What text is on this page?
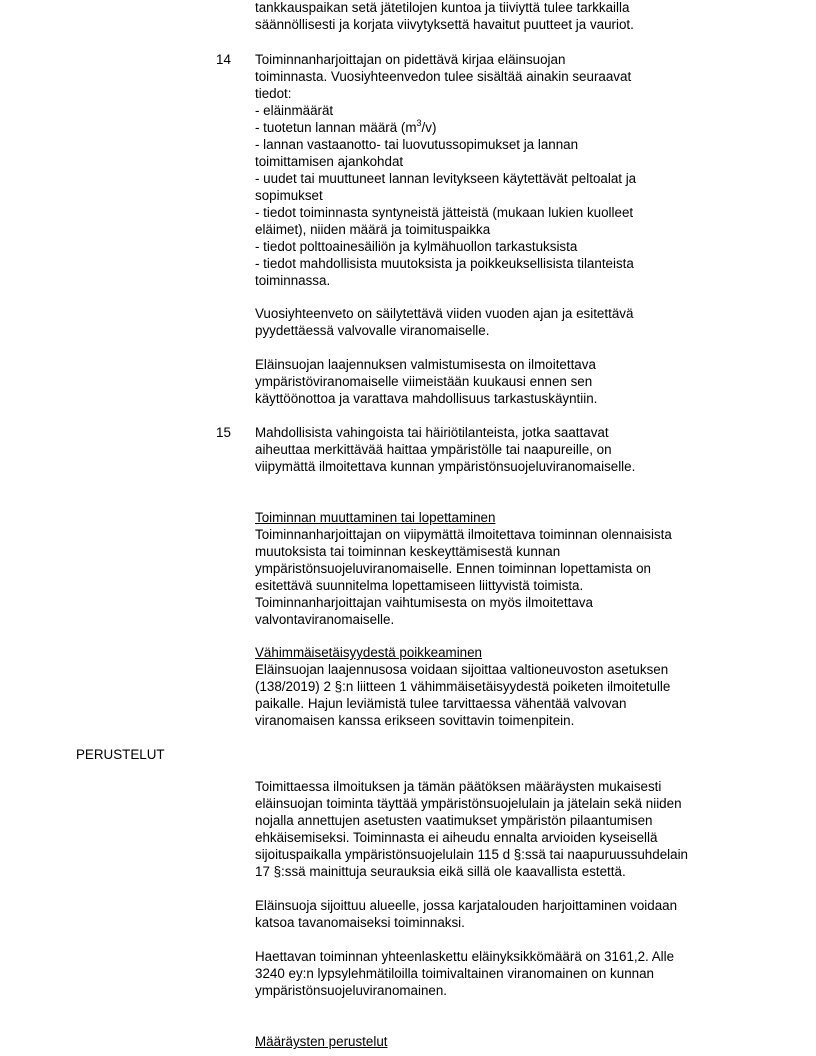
tankkauspaikan setä jätetilojen kuntoa ja tiiviyttä tulee tarkkailla
säännöllisesti ja korjata viivytyksettä havaitut puutteet ja vauriot.
14 Toiminnanharjoittajan on pidettävä kirjaa eläinsuojan
toiminnasta. Vuosiyhteenvedon tulee sisältää ainakin seuraavat
tiedot:
- eläinmäärät
- tuotetun lannan määrä $(m^3/v)$
- lannan vastaanotto- tai luovutussopimukset ja lannan
toimittamisen ajankohdat
- uudet tai muuttuneet lannan levitykseen käytettävät peltoalat ja
sopimukset
- tiedot toiminnasta syntyneistä jätteistä (mukaan lukien kuolleet
eläimet), niiden määrä ja toimituspaikka
- tiedot polttoainesäiliön ja kylmähuollon tarkastuksista
- tiedot mahdollisista muutoksista ja poikkeuksellisista tilanteista
toiminnassa.
Vuosiyhteenveto on säilytettävä viiden vuoden ajan ja esitettävä
pyydettäessä valvovalle viranomaiselle.
Eläinsuojan laajennuksen valmistumisesta on ilmoitettava
ympäristöviranomaiselle viimeistään kuukausi ennen sen
käyttöönottoa ja varattava mahdollisuus tarkastuskäyntiin.
15 Mahdollisista vahingoista tai häiriötilanteista, jotka saattavat
aiheuttaa merkittävää haittaa ympäristölle tai naapureille, on
viipymättä ilmoitettava kunnan ympäristönsuojeluviranomaiselle.
Toiminnan muuttaminen tai lopettaminen
Toiminnanharjoittajan on viipymättä ilmoitettava toiminnan olennaisista
muutoksista tai toiminnan keskeyttämisestä kunnan
ympäristönsuojeluviranomaiselle. Ennen toiminnan lopettamista on
esitettävä suunnitelma lopettamiseen liittyvistä toimista.
Toiminnanharjoittajan vaihtumisesta on myös ilmoitettava
valvontaviranomaiselle.
Vähimmäisetäisyydestä poikkeaminen
Eläinsuojan laajennusosa voidaan sijoittaa valtioneuvoston asetuksen
(138/2019) 2 §:n liitteen 1 vähimmäisetäisyydestä poiketen ilmoitetulle
paikalle. Hajun leviämistä tulee tarvittaessa vähentää valvovan
viranomaisen kanssa erikseen sovittavin toimenpitein.
PERUSTELUT
Toimittaessa ilmoituksen ja tämän päätöksen määräysten mukaisesti
eläinsuojan toiminta täyttää ympäristönsuojelulain ja jätelain sekä niiden
nojalla annettujen asetusten vaatimukset ympäristön pilaantumisen
ehkäisemiseksi. Toiminnasta ei aiheudu ennalta arvioiden kyseisellä
sijoituspaikalla ympäristönsuojelulain 115 d §:ssä tai naapuruussuhdelain
17 §:ssä mainittuja seurauksia eikä sillä ole kaavallista estettä.
Eläinsuoja sijoittuu alueelle, jossa karjatalouden harjoittaminen voidaan
katsoa tavanomaiseksi toiminnaksi.
Haettavan toiminnan yhteenlaskettu eläinyksikkömäärä on 3161,2. Alle
3240 ey:n lypsylehmätiloilla toimivaltainen viranomainen on kunnan
ympäristönsuojeluviranomainen.
Määräysten perustelut
